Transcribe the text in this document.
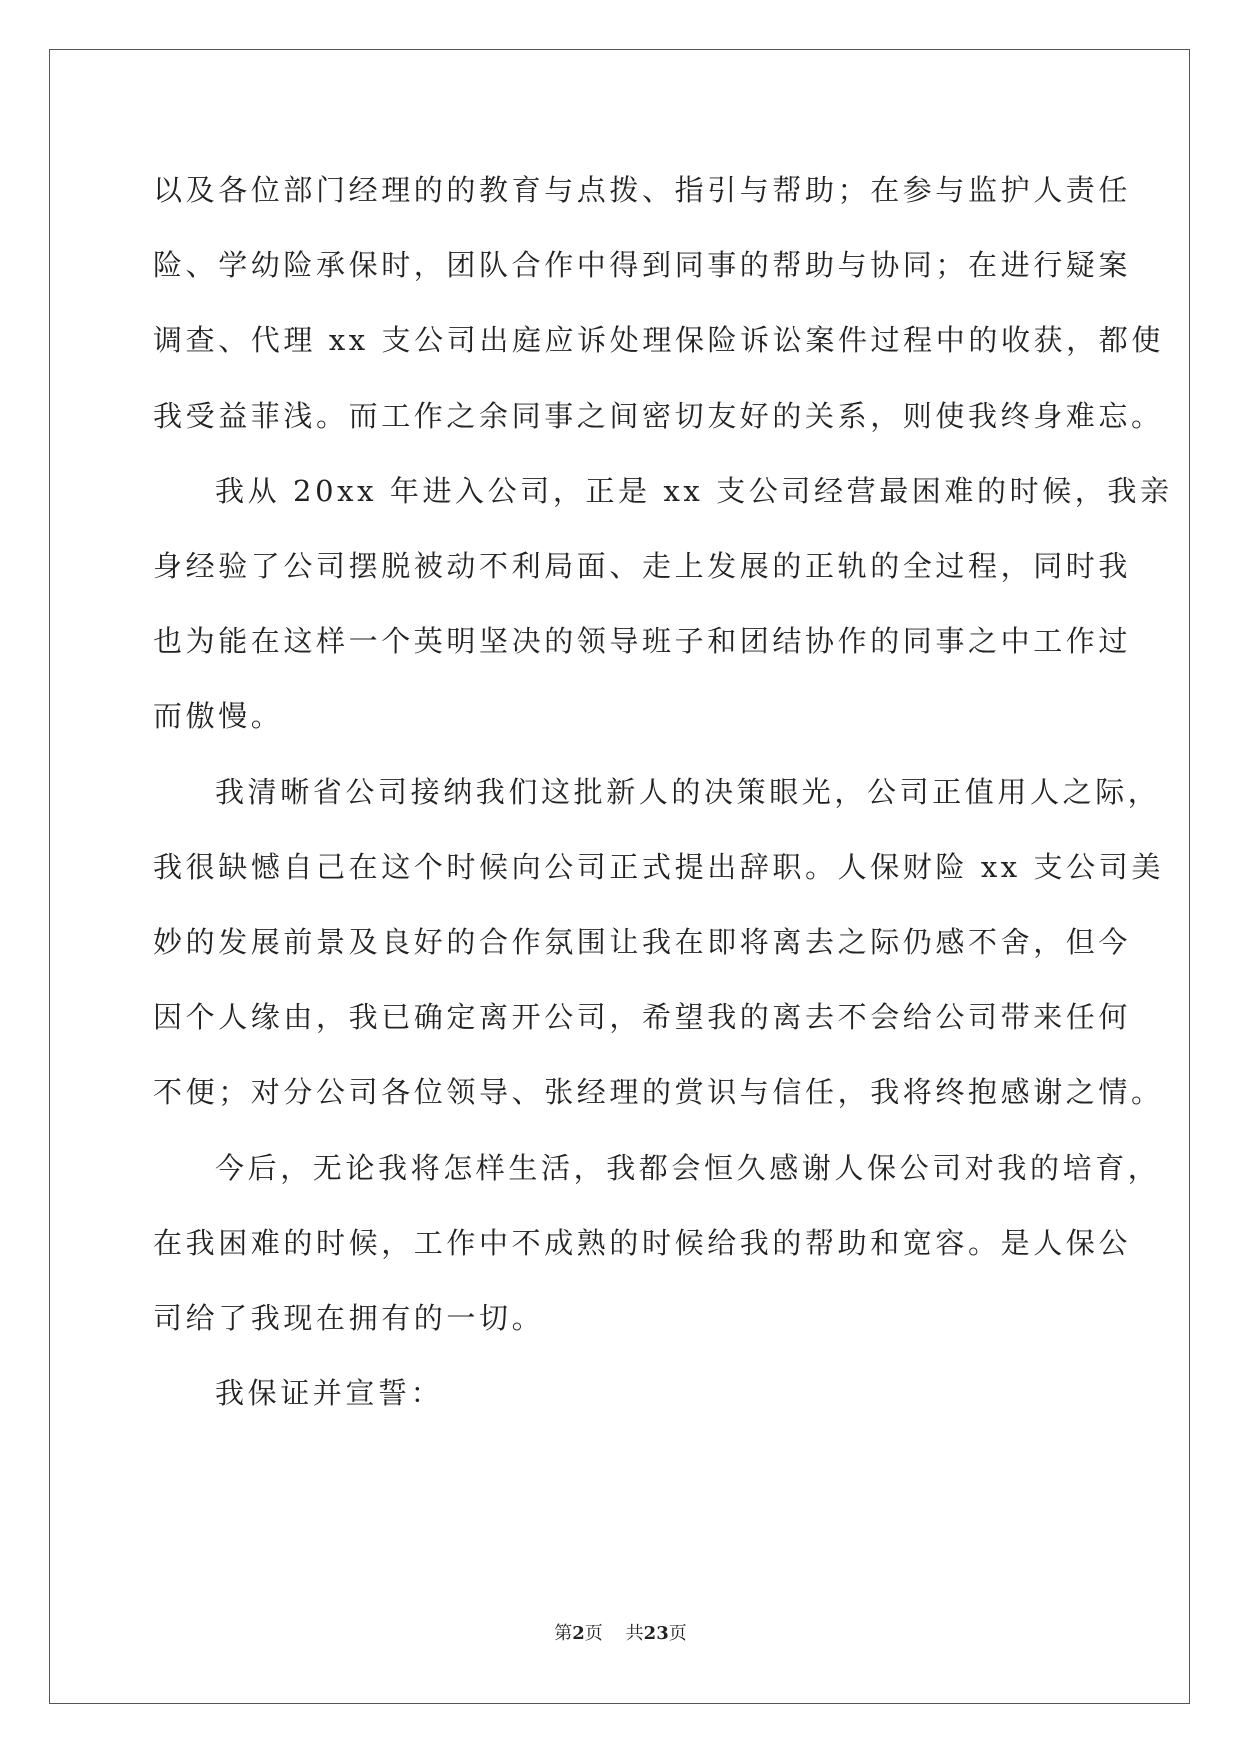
以及各位部门经理的的教育与点拨、指引与帮助；在参与监护人责任
险、学幼险承保时，团队合作中得到同事的帮助与协同；在进行疑案
调查、代理 xx 支公司出庭应诉处理保险诉讼案件过程中的收获，都使
我受益菲浅。而工作之余同事之间密切友好的关系，则使我终身难忘。
我从 20xx 年进入公司，正是 xx 支公司经营最困难的时候，我亲
身经验了公司摆脱被动不利局面、走上发展的正轨的全过程，同时我
也为能在这样一个英明坚决的领导班子和团结协作的同事之中工作过
而傲慢。
我清晰省公司接纳我们这批新人的决策眼光，公司正值用人之际，
我很缺憾自己在这个时候向公司正式提出辞职。人保财险 xx 支公司美
妙的发展前景及良好的合作氛围让我在即将离去之际仍感不舍，但今
因个人缘由，我已确定离开公司，希望我的离去不会给公司带来任何
不便；对分公司各位领导、张经理的赏识与信任，我将终抱感谢之情。
今后，无论我将怎样生活，我都会恒久感谢人保公司对我的培育，
在我困难的时候，工作中不成熟的时候给我的帮助和宽容。是人保公
司给了我现在拥有的一切。
我保证并宣誓：
第2页 共23页
